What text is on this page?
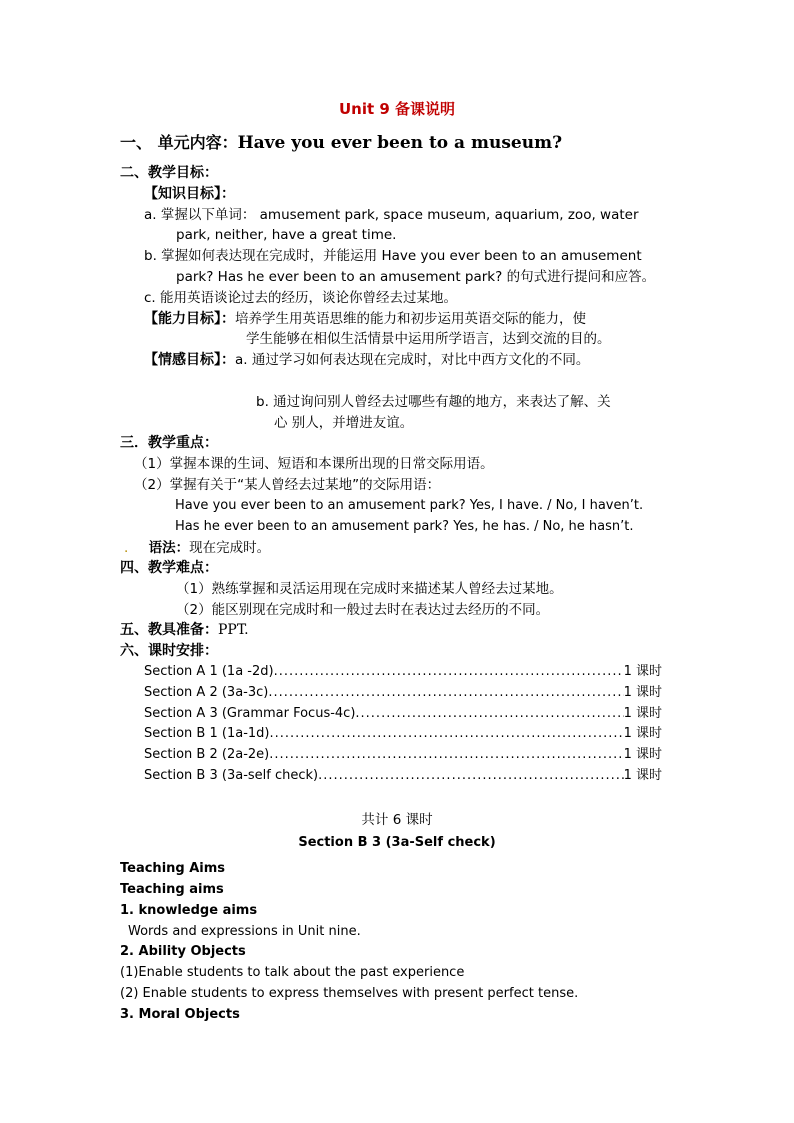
Unit 9 备课说明
一、 单元内容：Have you ever been to a museum?
二、教学目标：
【知识目标】：
a. 掌握以下单词： amusement park, space museum, aquarium, zoo, water
park, neither, have a great time.
b. 掌握如何表达现在完成时，并能运用 Have you ever been to an amusement
park? Has he ever been to an amusement park? 的句式进行提问和应答。
c. 能用英语谈论过去的经历，谈论你曾经去过某地。
【能力目标】：培养学生用英语思维的能力和初步运用英语交际的能力，使
学生能够在相似生活情景中运用所学语言，达到交流的目的。
【情感目标】：a. 通过学习如何表达现在完成时，对比中西方文化的不同。
b. 通过询问别人曾经去过哪些有趣的地方，来表达了解、关
心 别人，并增进友谊。
三．教学重点：
（1）掌握本课的生词、短语和本课所出现的日常交际用语。
（2）掌握有关于“某人曾经去过某地”的交际用语：
Have you ever been to an amusement park? Yes, I have. / No, I haven’t.
Has he ever been to an amusement park? Yes, he has. / No, he hasn’t.
. 语法：现在完成时。
四、教学难点：
（1）熟练掌握和灵活运用现在完成时来描述某人曾经去过某地。
（2）能区别现在完成时和一般过去时在表达过去经历的不同。
五、教具准备：PPT.
六、课时安排：
Section A 1 (1a -2d) .....	1 课时
Section A 2 (3a-3c) .....	1 课时
Section A 3 (Grammar Focus-4c) .....	1 课时
Section B 1 (1a-1d) .....	1 课时
Section B 2 (2a-2e) .....	1 课时
Section B 3 (3a-self check) .....	1 课时
共计 6 课时
Section B 3 (3a-Self check)
Teaching Aims
Teaching aims
1. knowledge aims
Words and expressions in Unit nine.
2. Ability Objects
(1)Enable students to talk about the past experience
(2) Enable students to express themselves with present perfect tense.
3. Moral Objects
